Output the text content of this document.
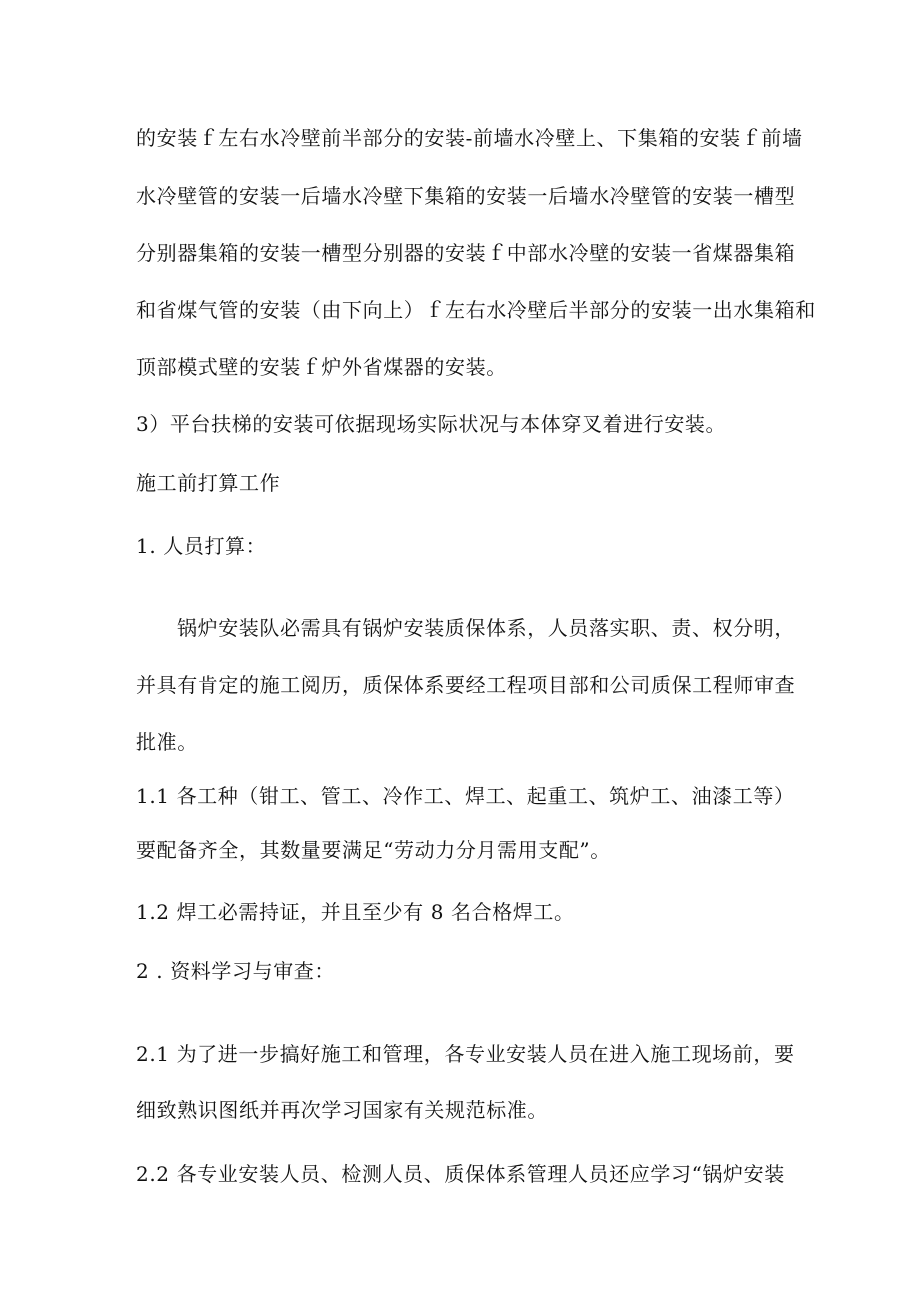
的安装ｆ左右水冷壁前半部分的安装-前墙水冷壁上、下集箱的安装ｆ前墙
水冷壁管的安装一后墙水冷壁下集箱的安装一后墙水冷壁管的安装一槽型
分别器集箱的安装一槽型分别器的安装ｆ中部水冷壁的安装一省煤器集箱
和省煤气管的安装（由下向上）ｆ左右水冷壁后半部分的安装一出水集箱和
顶部模式壁的安装ｆ炉外省煤器的安装。
3）平台扶梯的安装可依据现场实际状况与本体穿叉着进行安装。
施工前打算工作
1. 人员打算：
锅炉安装队必需具有锅炉安装质保体系，人员落实职、责、权分明，
并具有肯定的施工阅历，质保体系要经工程项目部和公司质保工程师审查
批准。
1.1 各工种（钳工、管工、冷作工、焊工、起重工、筑炉工、油漆工等）
要配备齐全，其数量要满足“劳动力分月需用支配”。
1.2 焊工必需持证，并且至少有 8 名合格焊工。
2 . 资料学习与审查：
2.1 为了进一步搞好施工和管理，各专业安装人员在进入施工现场前，要
细致熟识图纸并再次学习国家有关规范标准。
2.2 各专业安装人员、检测人员、质保体系管理人员还应学习“锅炉安装
